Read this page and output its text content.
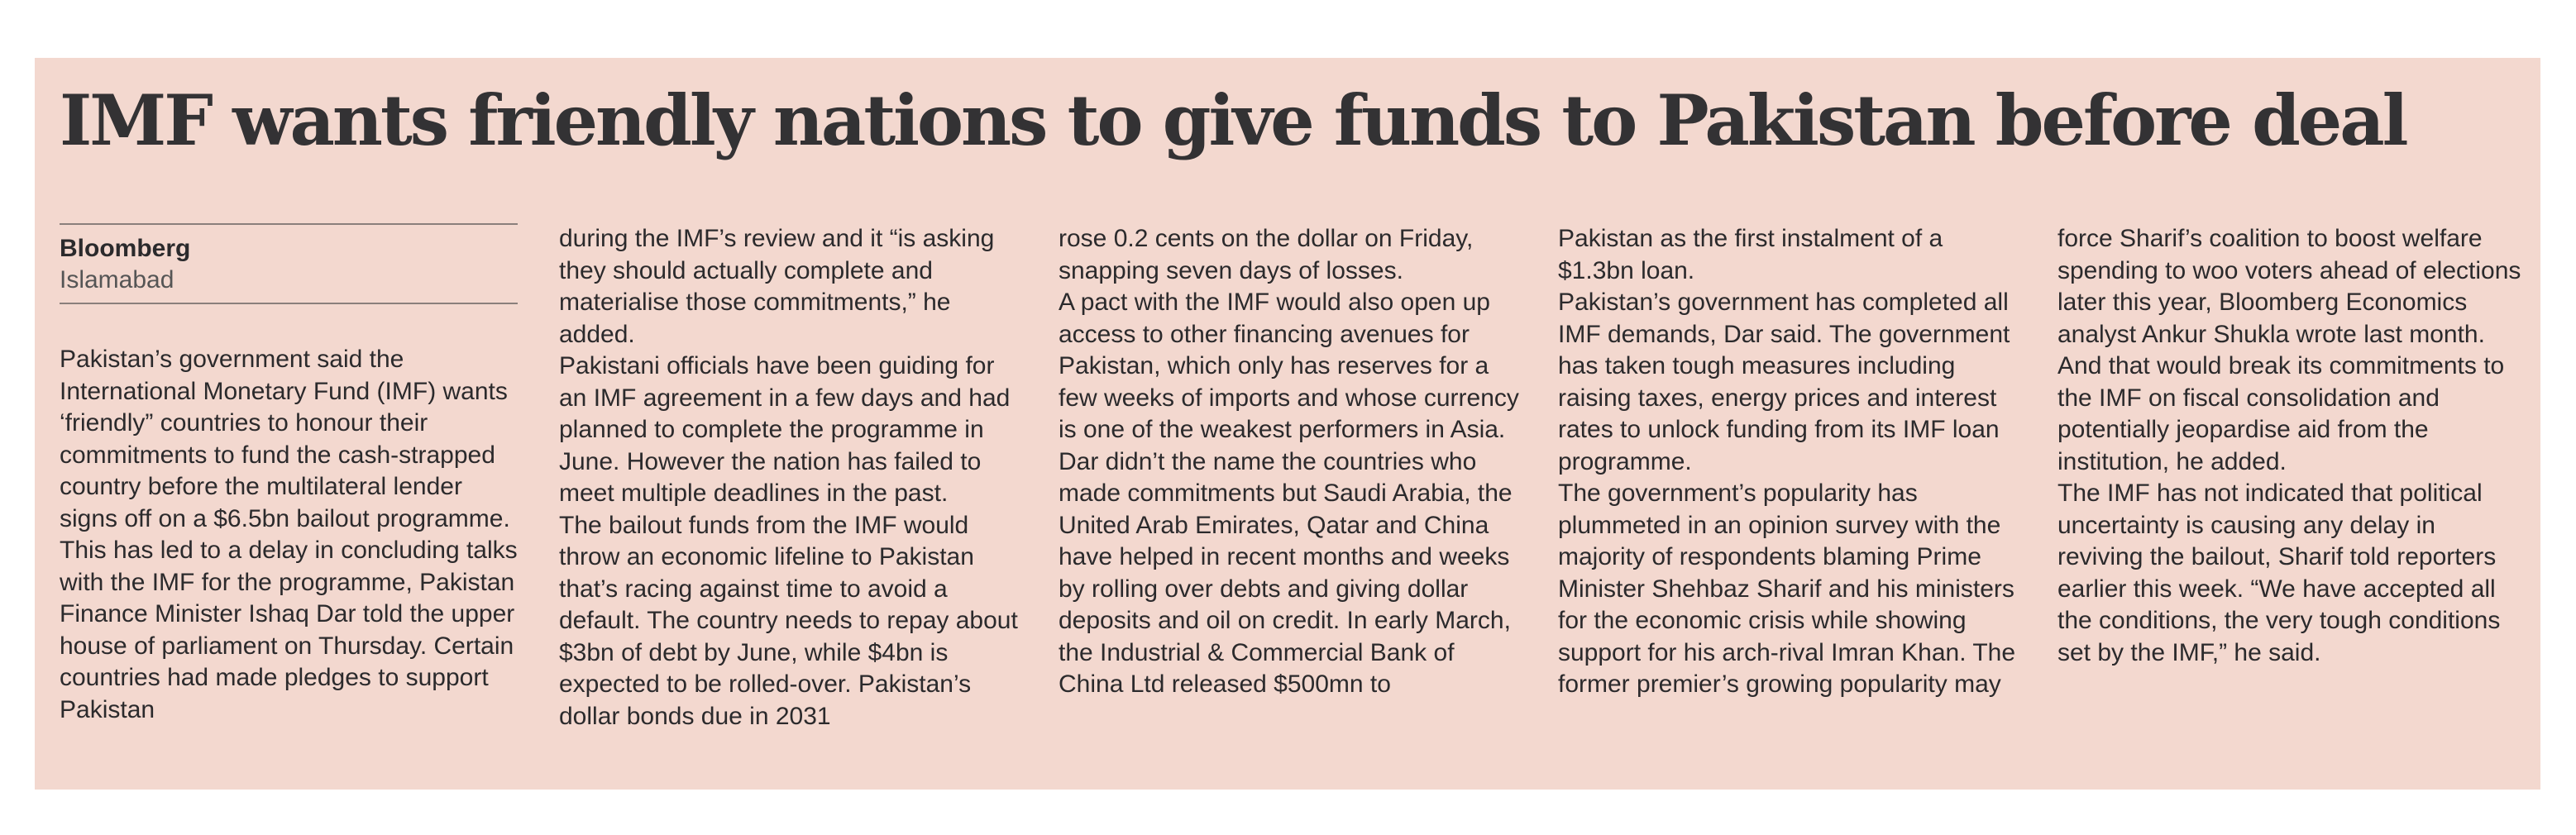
IMF wants friendly nations to give funds to Pakistan before deal
Bloomberg
Islamabad

Pakistan’s government said the International Monetary Fund (IMF) wants ‘friendly” countries to honour their commitments to fund the cash-strapped country before the multilateral lender signs off on a $6.5bn bailout programme.

This has led to a delay in concluding talks with the IMF for the programme, Pakistan Finance Minister Ishaq Dar told the upper house of parliament on Thursday. Certain countries had made pledges to support Pakistan

during the IMF’s review and it “is asking they should actually complete and materialise those commitments,” he added.

Pakistani officials have been guiding for an IMF agreement in a few days and had planned to complete the programme in June. However the nation has failed to meet multiple deadlines in the past.

The bailout funds from the IMF would throw an economic lifeline to Pakistan that’s racing against time to avoid a default. The country needs to repay about $3bn of debt by June, while $4bn is expected to be rolled-over. Pakistan’s dollar bonds due in 2031

rose 0.2 cents on the dollar on Friday, snapping seven days of losses.

A pact with the IMF would also open up access to other financing avenues for Pakistan, which only has reserves for a few weeks of imports and whose currency is one of the weakest performers in Asia.

Dar didn’t the name the countries who made commitments but Saudi Arabia, the United Arab Emirates, Qatar and China have helped in recent months and weeks by rolling over debts and giving dollar deposits and oil on credit. In early March, the Industrial & Commercial Bank of China Ltd released $500mn to

Pakistan as the first instalment of a $1.3bn loan.

Pakistan’s government has completed all IMF demands, Dar said. The government has taken tough measures including raising taxes, energy prices and interest rates to unlock funding from its IMF loan programme.

The government’s popularity has plummeted in an opinion survey with the majority of respondents blaming Prime Minister Shehbaz Sharif and his ministers for the economic crisis while showing support for his arch-rival Imran Khan. The former premier’s growing popularity may

force Sharif’s coalition to boost welfare spending to woo voters ahead of elections later this year, Bloomberg Economics analyst Ankur Shukla wrote last month.

And that would break its commitments to the IMF on fiscal consolidation and potentially jeopardise aid from the institution, he added.

The IMF has not indicated that political uncertainty is causing any delay in reviving the bailout, Sharif told reporters earlier this week. “We have accepted all the conditions, the very tough conditions set by the IMF,” he said.
